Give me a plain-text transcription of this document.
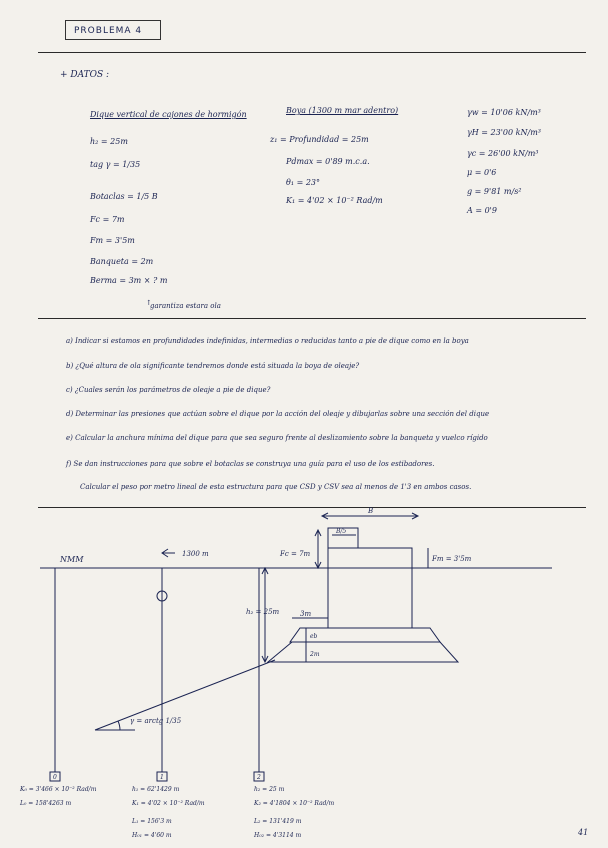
PROBLEMA 4
+ DATOS :
Dique vertical de cajones de hormigón
h₂ = 25m
tag γ = 1/35
Botaclas = 1/5 B
Fc = 7m
Fm = 3'5m
Banqueta = 2m
Berma = 3m × ? m
↑
garantiza estara ola
Boya (1300 m mar adentro)
z₁ = Profundidad = 25m
Pdmax = 0'89 m.c.a.
θ₁ = 23°
K₁ = 4'02 × 10⁻² Rad/m
γw = 10'06 kN/m³
γH = 23'00 kN/m³
γc = 26'00 kN/m³
μ = 0'6
g = 9'81 m/s²
A = 0'9
a) Indicar si estamos en profundidades indefinidas, intermedias o reducidas tanto a pie de dique como en la boya
b) ¿Qué altura de ola significante tendremos donde está situada la boya de oleaje?
c) ¿Cuales serán los parámetros de oleaje a pie de dique?
d) Determinar las presiones que actúan sobre el dique por la acción del oleaje y dibujarlas sobre una sección del dique
e) Calcular la anchura mínima del dique para que sea seguro frente al deslizamiento sobre la banqueta y vuelco rígido
f) Se dan instrucciones para que sobre el botaclas se construya una guía para el uso de los estibadores.
Calcular el peso por metro lineal de esta estructura para que CSD y CSV sea al menos de 1'3 en ambos casos.
NMM
1300 m	Fc = 7m
Fm = 3'5m
B
B/5
h₂ = 25m	3m
eb
2m
γ = arctg 1/35
0	1	2
K₀ = 3'466 × 10⁻² Rad/m
L₀ = 158'4263 m
h₁ = 62'1429 m
K₁ = 4'02 × 10⁻² Rad/m
L₁ = 156'3 m
H₀₁ = 4'60 m
h₂ = 25 m
K₂ = 4'1804 × 10⁻² Rad/m
L₂ = 131'419 m
H₀₂ = 4'3114 m	41
